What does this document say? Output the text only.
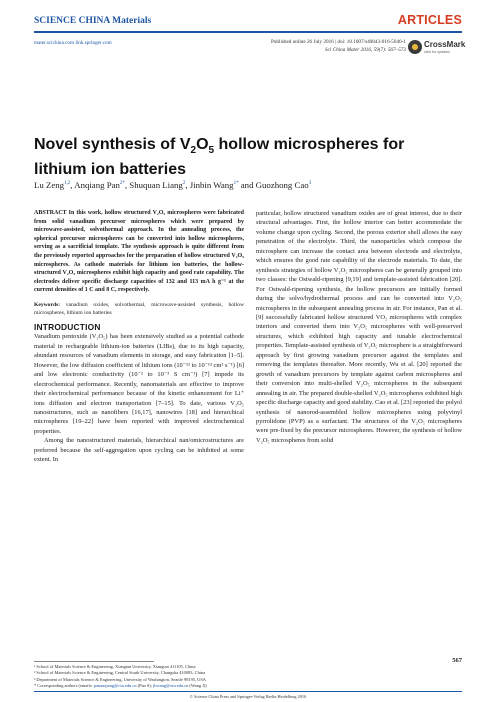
SCIENCE CHINA Materials	ARTICLES
mater.scichina.com link.springer.com	Published online 26 July 2016 | doi: 10.1007/s40843-016-5046-1
Sci China Mater 2016, 59(7): 567–573
CrossMark
click for updates
Novel synthesis of $V_2O_5$ hollow microspheres for lithium ion batteries
Lu Zeng$^{1,2}$, Anqiang Pan$^{2*}$, Shuquan Liang$^2$, Jinbin Wang$^{1*}$ and Guozhong Cao$^3$
ABSTRACT In this work, hollow structured V₂O₅ microspheres were fabricated from solid vanadium precursor microspheres which were prepared by microwave-assisted, solvothermal approach. In the annealing process, the spherical precursor microspheres can be converted into hollow microspheres, serving as a sacrificial template. The synthesis approach is quite different from the previously reported approaches for the preparation of hollow structured V₂O₅ microspheres. As cathode materials for lithium ion batteries, the hollow-structured V₂O₅ microspheres exhibit high capacity and good rate capability. The electrodes deliver specific discharge capacities of 132 and 113 mA h g⁻¹ at the current densities of 1 C and 8 C, respectively.
Keywords: vanadium oxides, solvothermal, microwave-assisted synthesis, hollow microspheres, lithium ion batteries
INTRODUCTION
Vanadium pentoxide (V₂O₅) has been extensively studied as a potential cathode material in rechargeable lithium-ion batteries (LIBs), due to its high capacity, abundant resources of vanadium elements in storage, and easy fabrication [1–5]. However, the low diffusion coefficient of lithium ions (10⁻¹² to 10⁻¹³ cm² s⁻¹) [6] and low electronic conductivity (10⁻² to 10⁻³ S cm⁻¹) [7] impede its electrochemical performance. Recently, nanomaterials are effective to improve their electrochemical performance because of the kinetic enhancement for Li⁺ ions diffusion and electron transportation [7–15]. To date, various V₂O₅ nanostructures, such as nanofibers [16,17], nanowires [18] and hierarchical microspheres [19–22] have been reported with improved electrochemical properties.
Among the nanostructured materials, hierarchical nan/omicrostructures are preferred because the self-aggregation upon cycling can be inhibited at some extent. In
particular, hollow structured vanadium oxides are of great interest, due to their structural advantages. First, the hollow interior can better accommodate the volume change upon cycling. Second, the porous exterior shell allows the easy penetration of the electrolyte. Third, the nanoparticles which compose the microsphere can increase the contact area between electrode and electrolyte, which ensures the good rate capability of the electrode materials. To date, the synthesis strategies of hollow V₂O₅ microspheres can be generally grouped into two classes: the Ostwald-ripening [9,19] and template-assisted fabrication [20]. For Ostwald-ripening synthesis, the hollow precursors are initially formed during the solvo/hydrothermal process and can be converted into V₂O₅ microspheres in the subsequent annealing process in air. For instance, Pan et al. [9] successfully fabricated hollow structured VO₂ microspheres with complex interiors and converted them into V₂O₅ microspheres with well-preserved structures, which exhibited high capacity and tunable electrochemical properties. Template-assisted synthesis of V₂O₅ microsphere is a straightforward approach by first growing vanadium precursor against the templates and removing the templates thereafter. More recently, Wu et al. [20] reported the growth of vanadium precursors by template against carbon microspheres and their conversion into multi-shelled V₂O₅ microspheres in the subsequent annealing in air. The prepared double-shelled V₂O₅ microspheres exhibited high specific discharge capacity and good stability. Cao et al. [23] reported the polyol synthesis of nanorod-assembled hollow microspheres using polyvinyl pyrrolidone (PVP) as a surfactant. The structures of the V₂O₅ microspheres were pre-fixed by the precursor microspheres. However, the synthesis of hollow V₂O₅ microspheres from solid
567
¹ School of Materials Science & Engineering, Xiangtan University, Xiangtan 411105, China
² School of Materials Science & Engineering, Central South University, Changsha 410083, China
³ Department of Materials Science & Engineering, University of Washington, Seattle 98195, USA
* Corresponding authors (emails: pananqiang@csu.edu.cn (Pan S); jbwang@xtu.edu.cn (Wang J))
© Science China Press and Springer-Verlag Berlin Heidelberg 2016
